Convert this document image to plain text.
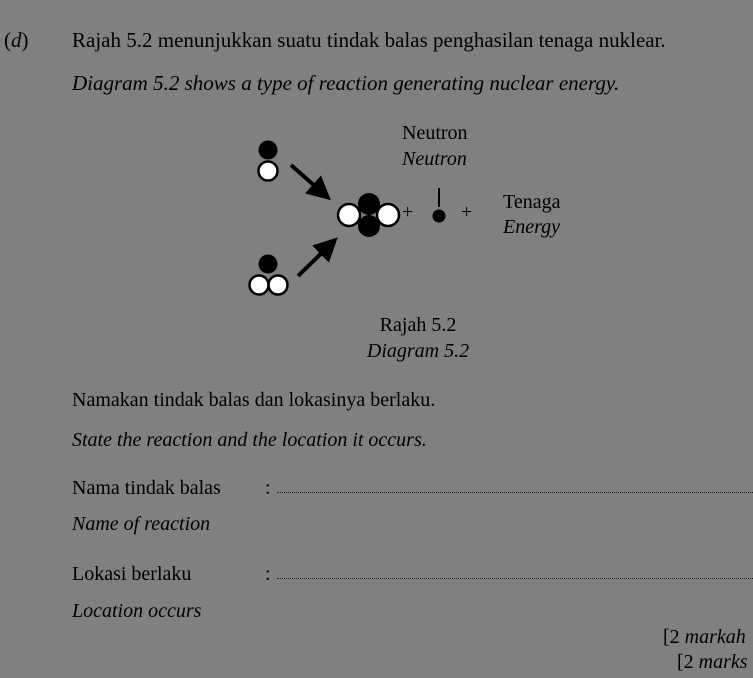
(d) Rajah 5.2 menunjukkan suatu tindak balas penghasilan tenaga nuklear.
Diagram 5.2 shows a type of reaction generating nuclear energy.
+ +
Neutron
Neutron
Tenaga
Energy
Rajah 5.2
Diagram 5.2
Namakan tindak balas dan lokasinya berlaku.
State the reaction and the location it occurs.
Nama tindak balas :
Name of reaction
Lokasi berlaku	:
Location occurs
[2 markah
[2 marks
